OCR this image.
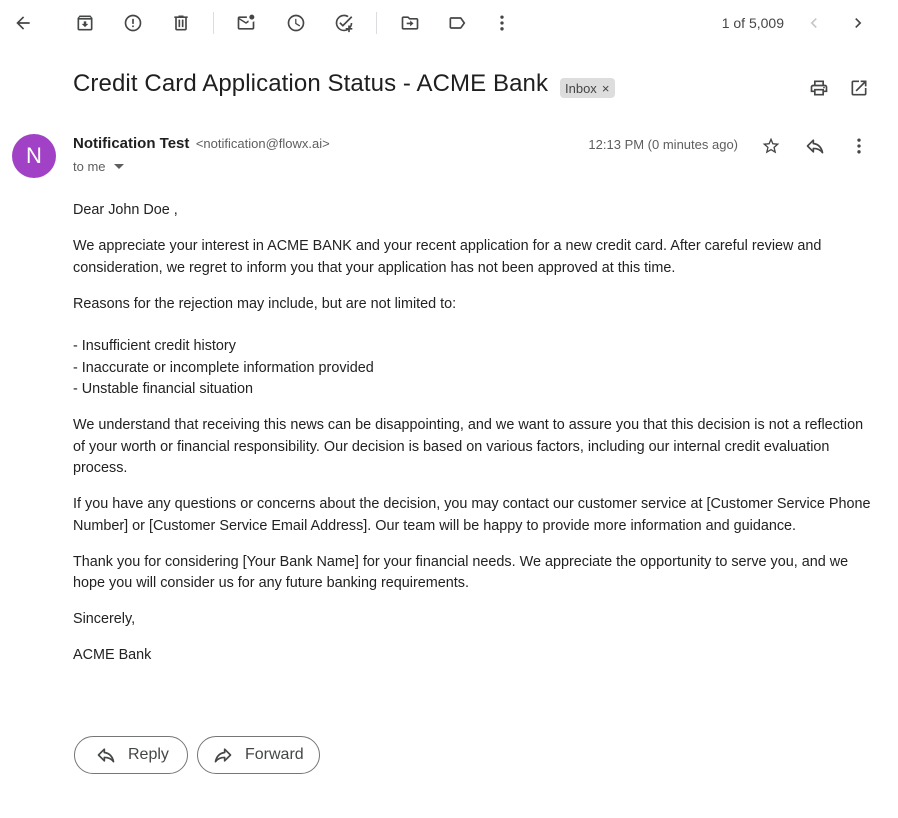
1 of 5,009
Credit Card Application Status - ACME Bank Inbox ×
N	Notification Test <notification@flowx.ai>
to me
12:13 PM (0 minutes ago)

Dear John Doe ,

We appreciate your interest in ACME BANK and your recent application for a new credit card. After careful review and consideration, we regret to inform you that your application has not been approved at this time.

Reasons for the rejection may include, but are not limited to:

- Insufficient credit history
- Inaccurate or incomplete information provided
- Unstable financial situation

We understand that receiving this news can be disappointing, and we want to assure you that this decision is not a reflection of your worth or financial responsibility. Our decision is based on various factors, including our internal credit evaluation process.

If you have any questions or concerns about the decision, you may contact our customer service at [Customer Service Phone Number] or [Customer Service Email Address]. Our team will be happy to provide more information and guidance.

Thank you for considering [Your Bank Name] for your financial needs. We appreciate the opportunity to serve you, and we hope you will consider us for any future banking requirements.

Sincerely,

ACME Bank

Reply	Forward
